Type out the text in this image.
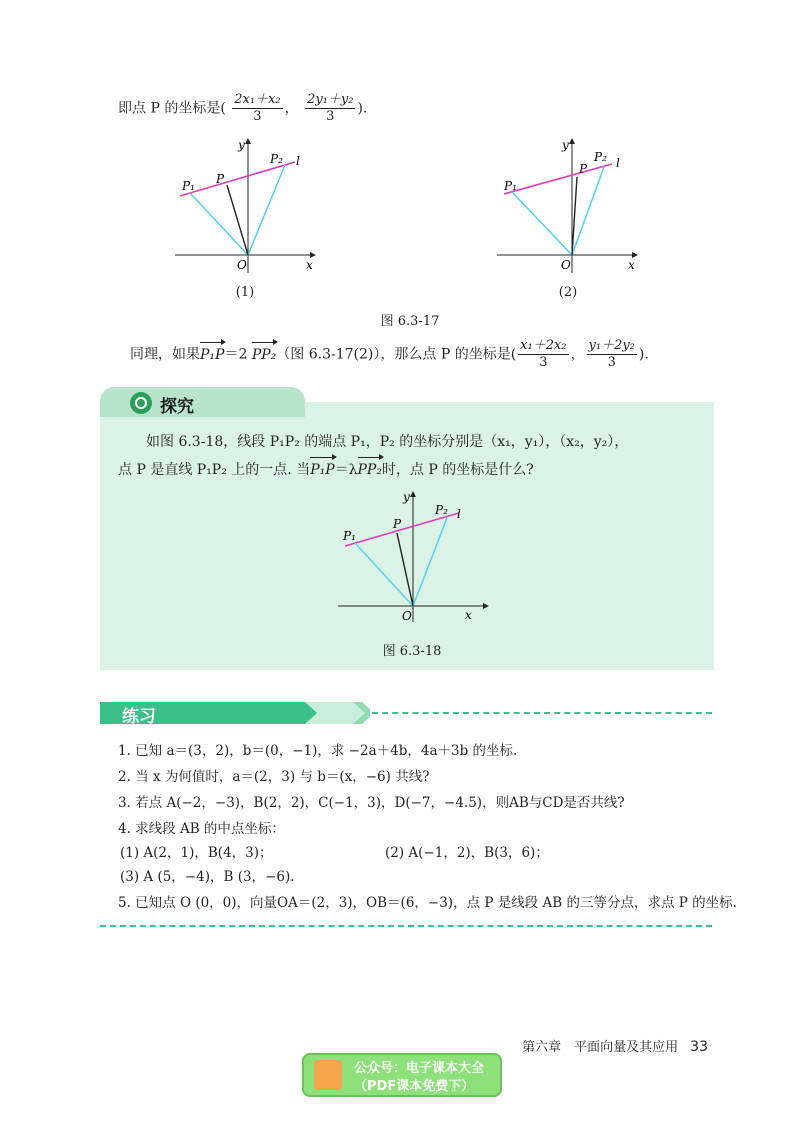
即点 P 的坐标是( $\frac{\text{2x₁＋x₂}}{3}$ ， $\frac{\text{2y₁＋y₂}}{3}$ ).
P₁ P
P₂ l
O	x
y
(1)
P₁
P
P₂ l
O	x
y
(2)
图 6.3-17
同理，如果P₁P＝2 PP₂（图 6.3-17(2)），那么点 P 的坐标是( $\frac{\text{x₁＋2x₂}}{3}$ ， $\frac{\text{y₁＋2y₂}}{3}$ ).
探究
如图 6.3-18，线段 P₁P₂ 的端点 P₁，P₂ 的坐标分别是（x₁，y₁），（x₂，y₂），
点 P 是直线 P₁P₂ 上的一点. 当P₁P＝λPP₂时，点 P 的坐标是什么?
P₁
P
P₂ l
O	x
y
图 6.3-18
练习
1. 已知 a＝(3，2)，b＝(0，−1)，求 −2a＋4b，4a＋3b 的坐标.
2. 当 x 为何值时，a＝(2，3) 与 b＝(x，−6) 共线?
3. 若点 A(−2，−3)，B(2，2)，C(−1，3)，D(−7，−4.5)，则AB与CD是否共线?
4. 求线段 AB 的中点坐标：
(1) A(2，1)，B(4，3)；	(2) A(−1，2)，B(3，6)；
(3) A (5，−4)，B (3，−6).
5. 已知点 O (0，0)，向量OA＝(2，3)，OB＝(6，−3)，点 P 是线段 AB 的三等分点，求点 P 的坐标.
第六章　平面向量及其应用 33
公众号：电子课本大全
（PDF课本免费下）
